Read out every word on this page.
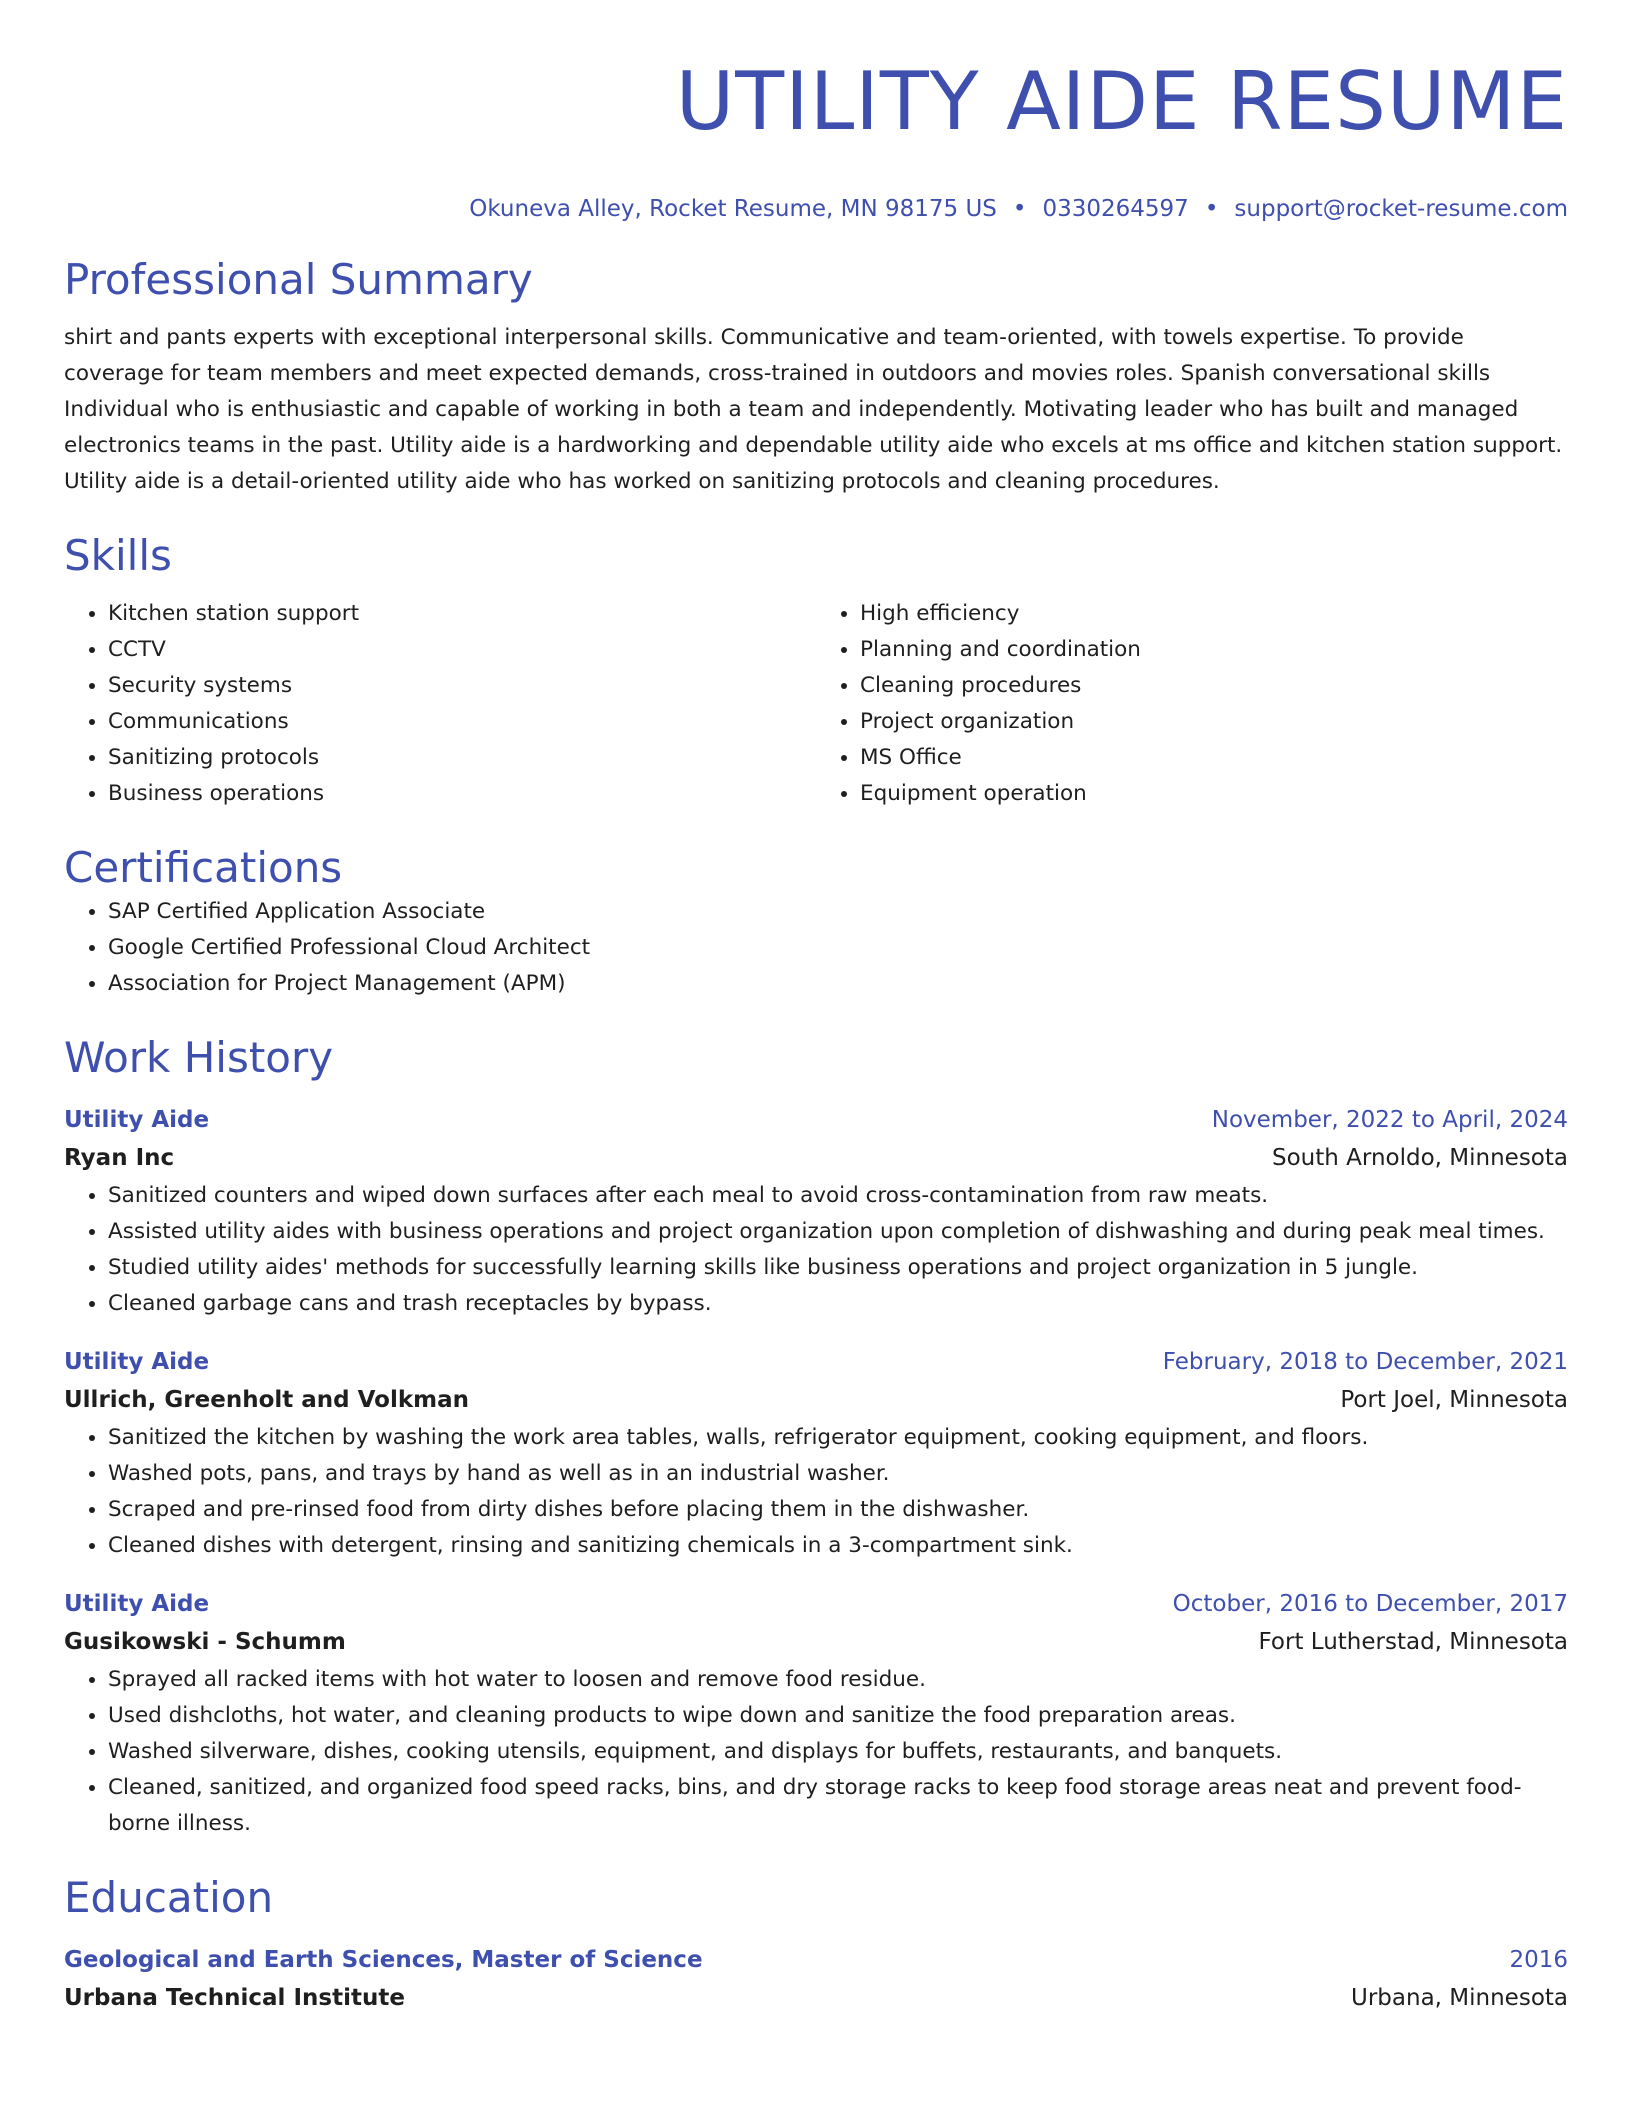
UTILITY AIDE RESUME
Okuneva Alley, Rocket Resume, MN 98175 US • 0330264597 • support@rocket-resume.com
Professional Summary
shirt and pants experts with exceptional interpersonal skills. Communicative and team-oriented, with towels expertise. To provide coverage for team members and meet expected demands, cross-trained in outdoors and movies roles. Spanish conversational skills Individual who is enthusiastic and capable of working in both a team and independently. Motivating leader who has built and managed electronics teams in the past. Utility aide is a hardworking and dependable utility aide who excels at ms office and kitchen station support. Utility aide is a detail-oriented utility aide who has worked on sanitizing protocols and cleaning procedures.
Skills
• Kitchen station support
• CCTV
• Security systems
• Communications
• Sanitizing protocols
• Business operations
• High efficiency
• Planning and coordination
• Cleaning procedures
• Project organization
• MS Office
• Equipment operation
Certifications
• SAP Certified Application Associate
• Google Certified Professional Cloud Architect
• Association for Project Management (APM)
Work History
Utility Aide	November, 2022 to April, 2024
Ryan Inc	South Arnoldo, Minnesota
• Sanitized counters and wiped down surfaces after each meal to avoid cross-contamination from raw meats.
• Assisted utility aides with business operations and project organization upon completion of dishwashing and during peak meal times.
• Studied utility aides' methods for successfully learning skills like business operations and project organization in 5 jungle.
• Cleaned garbage cans and trash receptacles by bypass.
Utility Aide	February, 2018 to December, 2021
Ullrich, Greenholt and Volkman	Port Joel, Minnesota
• Sanitized the kitchen by washing the work area tables, walls, refrigerator equipment, cooking equipment, and floors.
• Washed pots, pans, and trays by hand as well as in an industrial washer.
• Scraped and pre-rinsed food from dirty dishes before placing them in the dishwasher.
• Cleaned dishes with detergent, rinsing and sanitizing chemicals in a 3-compartment sink.
Utility Aide	October, 2016 to December, 2017
Gusikowski - Schumm	Fort Lutherstad, Minnesota
• Sprayed all racked items with hot water to loosen and remove food residue.
• Used dishcloths, hot water, and cleaning products to wipe down and sanitize the food preparation areas.
• Washed silverware, dishes, cooking utensils, equipment, and displays for buffets, restaurants, and banquets.
• Cleaned, sanitized, and organized food speed racks, bins, and dry storage racks to keep food storage areas neat and prevent food-borne illness.
Education
Geological and Earth Sciences, Master of Science	2016
Urbana Technical Institute	Urbana, Minnesota
